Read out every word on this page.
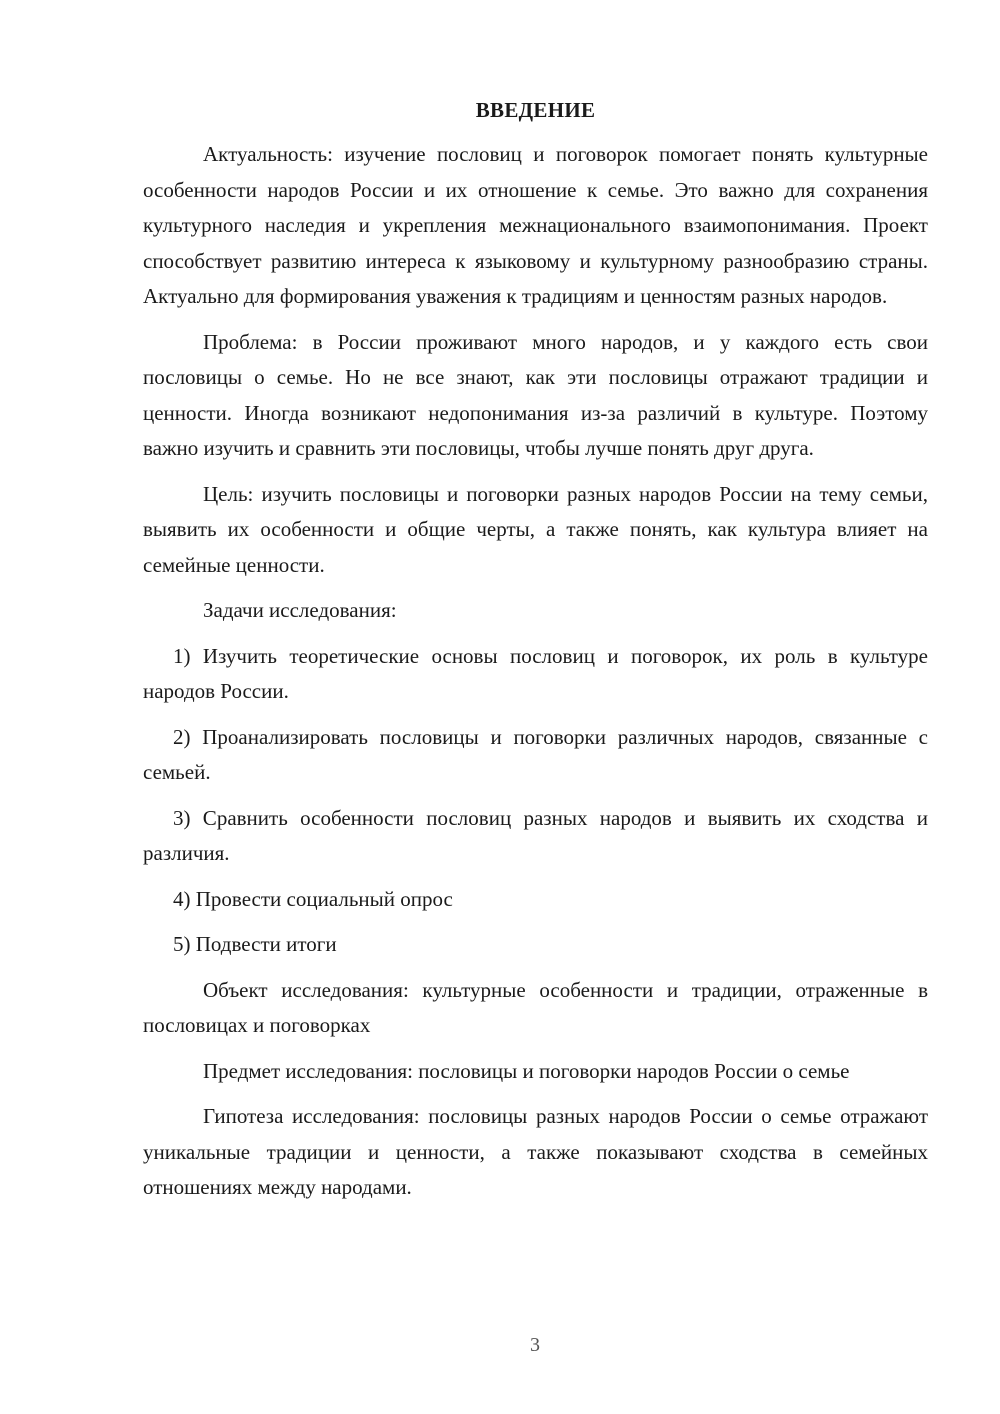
ВВЕДЕНИЕ

Актуальность: изучение пословиц и поговорок помогает понять культурные особенности народов России и их отношение к семье. Это важно для сохранения культурного наследия и укрепления межнационального взаимопонимания. Проект способствует развитию интереса к языковому и культурному разнообразию страны. Актуально для формирования уважения к традициям и ценностям разных народов.

Проблема: в России проживают много народов, и у каждого есть свои пословицы о семье. Но не все знают, как эти пословицы отражают традиции и ценности. Иногда возникают недопонимания из-за различий в культуре. Поэтому важно изучить и сравнить эти пословицы, чтобы лучше понять друг друга.

Цель: изучить пословицы и поговорки разных народов России на тему семьи, выявить их особенности и общие черты, а также понять, как культура влияет на семейные ценности.

Задачи исследования:

1) Изучить теоретические основы пословиц и поговорок, их роль в культуре народов России.

2) Проанализировать пословицы и поговорки различных народов, связанные с семьей.

3) Сравнить особенности пословиц разных народов и выявить их сходства и различия.

4) Провести социальный опрос

5) Подвести итоги

Объект исследования: культурные особенности и традиции, отраженные в пословицах и поговорках

Предмет исследования: пословицы и поговорки народов России о семье

Гипотеза исследования: пословицы разных народов России о семье отражают уникальные традиции и ценности, а также показывают сходства в семейных отношениях между народами.

3
